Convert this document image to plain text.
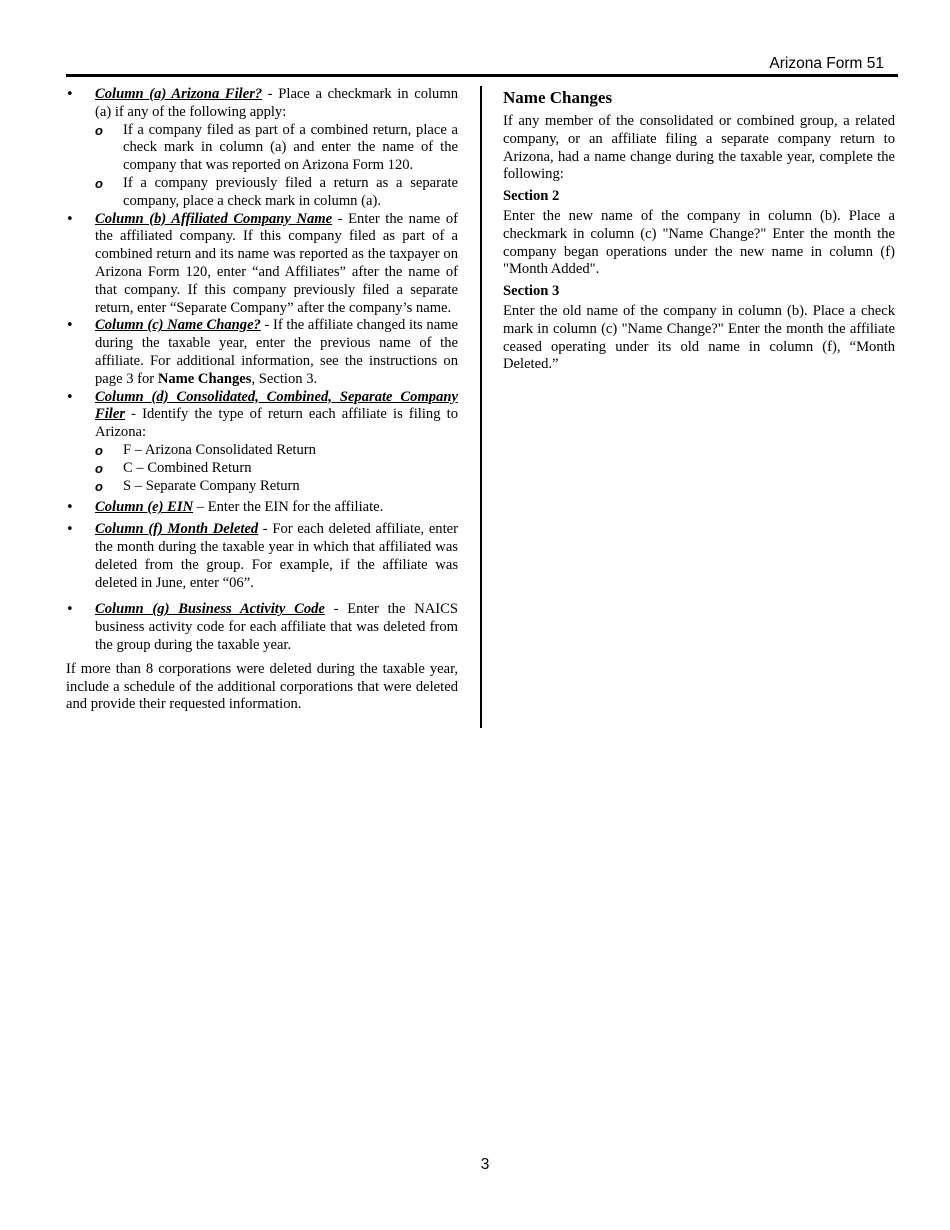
Arizona Form 51
• Column (a) Arizona Filer? - Place a checkmark in column (a) if any of the following apply:
o If a company filed as part of a combined return, place a check mark in column (a) and enter the name of the company that was reported on Arizona Form 120.
o If a company previously filed a return as a separate company, place a check mark in column (a).
• Column (b) Affiliated Company Name - Enter the name of the affiliated company. If this company filed as part of a combined return and its name was reported as the taxpayer on Arizona Form 120, enter “and Affiliates” after the name of that company. If this company previously filed a separate return, enter “Separate Company” after the company’s name.
• Column (c) Name Change? - If the affiliate changed its name during the taxable year, enter the previous name of the affiliate. For additional information, see the instructions on page 3 for Name Changes, Section 3.
• Column (d) Consolidated, Combined, Separate Company Filer - Identify the type of return each affiliate is filing to Arizona:
o F – Arizona Consolidated Return
o C – Combined Return
o S – Separate Company Return
• Column (e) EIN – Enter the EIN for the affiliate.
• Column (f) Month Deleted - For each deleted affiliate, enter the month during the taxable year in which that affiliated was deleted from the group. For example, if the affiliate was deleted in June, enter “06”.
• Column (g) Business Activity Code - Enter the NAICS business activity code for each affiliate that was deleted from the group during the taxable year.

If more than 8 corporations were deleted during the taxable year, include a schedule of the additional corporations that were deleted and provide their requested information.

Name Changes

If any member of the consolidated or combined group, a related company, or an affiliate filing a separate company return to Arizona, had a name change during the taxable year, complete the following:

Section 2

Enter the new name of the company in column (b). Place a checkmark in column (c) "Name Change?" Enter the month the company began operations under the new name in column (f) "Month Added".

Section 3

Enter the old name of the company in column (b). Place a check mark in column (c) "Name Change?" Enter the month the affiliate ceased operating under its old name in column (f), “Month Deleted.”

3
